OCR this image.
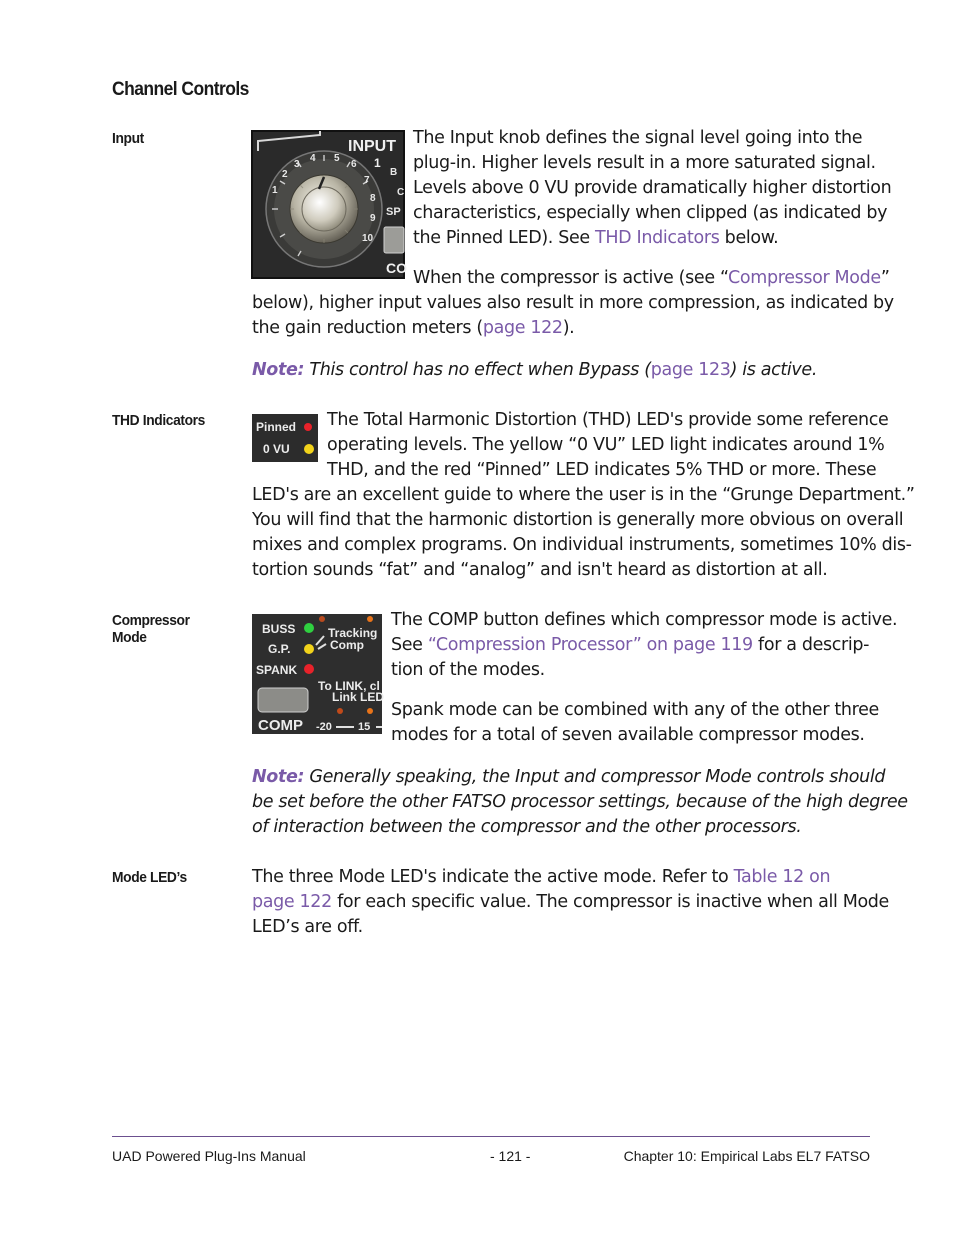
Channel Controls
Input
4
3
2
5
1
6
7
8
9
10
INPUT
1
B
C
SP
CO

The Input knob defines the signal level going into the
plug-in. Higher levels result in a more saturated signal.
Levels above 0 VU provide dramatically higher distortion
characteristics, especially when clipped (as indicated by
the Pinned LED). See THD Indicators below.

When the compressor is active (see “Compressor Mode”

below), higher input values also result in more compression, as indicated by
the gain reduction meters (page 122).

Note: This control has no effect when Bypass (page 123) is active.

THD Indicators	Pinned
0 VU

The Total Harmonic Distortion (THD) LED's provide some reference
operating levels. The yellow “0 VU” LED light indicates around 1%
THD, and the red “Pinned” LED indicates 5% THD or more. These

LED's are an excellent guide to where the user is in the “Grunge Department.”
You will find that the harmonic distortion is generally more obvious on overall
mixes and complex programs. On individual instruments, sometimes 10% dis-
tortion sounds “fat” and “analog” and isn't heard as distortion at all.

Compressor
Mode	BUSS
G.P.
SPANK
Tracking
Comp
To LINK, cl
Link LED
COMP -20 15

The COMP button defines which compressor mode is active.
See “Compression Processor” on page 119 for a descrip-
tion of the modes.

Spank mode can be combined with any of the other three
modes for a total of seven available compressor modes.

Note: Generally speaking, the Input and compressor Mode controls should
be set before the other FATSO processor settings, because of the high degree
of interaction between the compressor and the other processors.

Mode LED’s	The three Mode LED's indicate the active mode. Refer to Table 12 on
page 122 for each specific value. The compressor is inactive when all Mode
LED’s are off.

UAD Powered Plug-Ins Manual	- 121 -	Chapter 10: Empirical Labs EL7 FATSO
